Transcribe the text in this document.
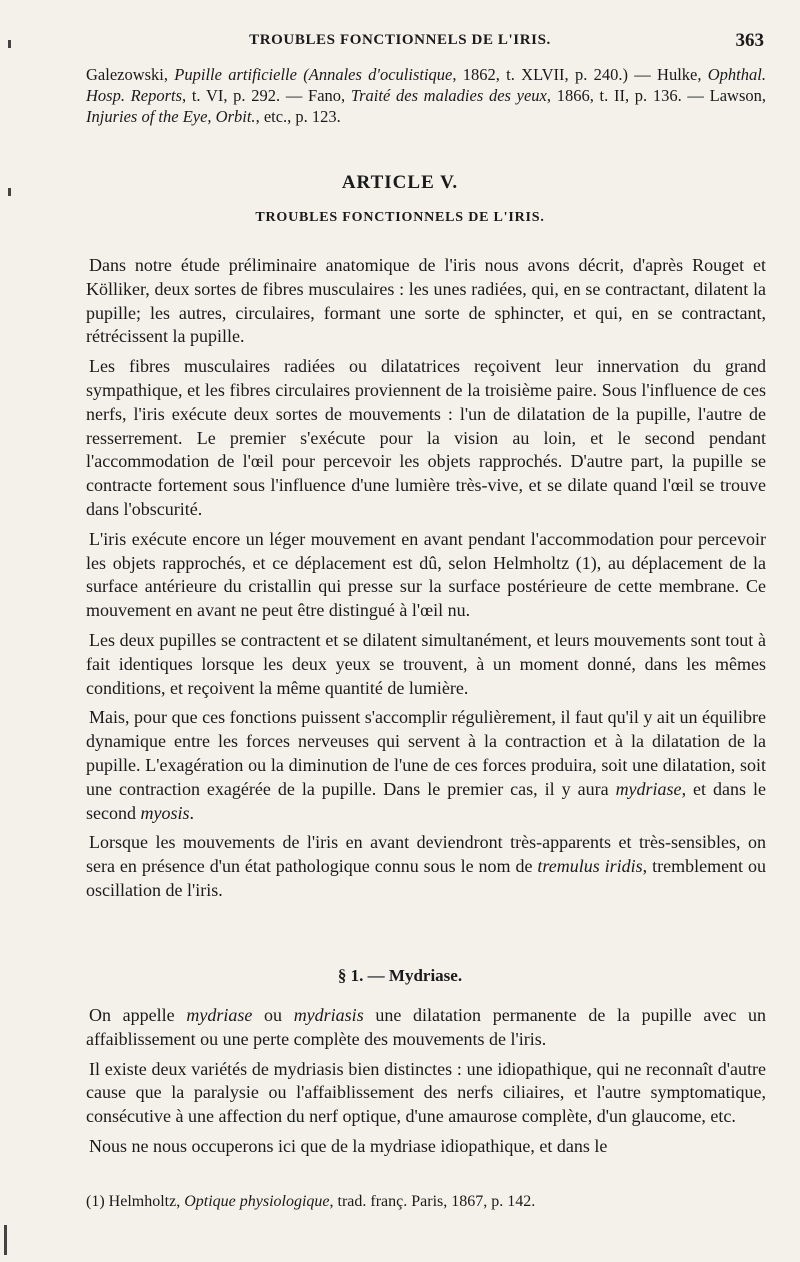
TROUBLES FONCTIONNELS DE L'IRIS.	363
Galezowski, Pupille artificielle (Annales d'oculistique, 1862, t. XLVII, p. 240.) — Hulke, Ophthal. Hosp. Reports, t. VI, p. 292. — Fano, Traité des maladies des yeux, 1866, t. II, p. 136. — Lawson, Injuries of the Eye, Orbit., etc., p. 123.
ARTICLE V.
TROUBLES FONCTIONNELS DE L'IRIS.

Dans notre étude préliminaire anatomique de l'iris nous avons décrit, d'après Rouget et Kölliker, deux sortes de fibres musculaires : les unes radiées, qui, en se contractant, dilatent la pupille; les autres, circulaires, formant une sorte de sphincter, et qui, en se contractant, rétrécissent la pupille.

Les fibres musculaires radiées ou dilatatrices reçoivent leur innervation du grand sympathique, et les fibres circulaires proviennent de la troisième paire. Sous l'influence de ces nerfs, l'iris exécute deux sortes de mouvements : l'un de dilatation de la pupille, l'autre de resserrement. Le premier s'exécute pour la vision au loin, et le second pendant l'accommodation de l'œil pour percevoir les objets rapprochés. D'autre part, la pupille se contracte fortement sous l'influence d'une lumière très-vive, et se dilate quand l'œil se trouve dans l'obscurité.

L'iris exécute encore un léger mouvement en avant pendant l'accommodation pour percevoir les objets rapprochés, et ce déplacement est dû, selon Helmholtz (1), au déplacement de la surface antérieure du cristallin qui presse sur la surface postérieure de cette membrane. Ce mouvement en avant ne peut être distingué à l'œil nu.

Les deux pupilles se contractent et se dilatent simultanément, et leurs mouvements sont tout à fait identiques lorsque les deux yeux se trouvent, à un moment donné, dans les mêmes conditions, et reçoivent la même quantité de lumière.

Mais, pour que ces fonctions puissent s'accomplir régulièrement, il faut qu'il y ait un équilibre dynamique entre les forces nerveuses qui servent à la contraction et à la dilatation de la pupille. L'exagération ou la diminution de l'une de ces forces produira, soit une dilatation, soit une contraction exagérée de la pupille. Dans le premier cas, il y aura mydriase, et dans le second myosis.

Lorsque les mouvements de l'iris en avant deviendront très-apparents et très-sensibles, on sera en présence d'un état pathologique connu sous le nom de tremulus iridis, tremblement ou oscillation de l'iris.

§ 1. — Mydriase.

On appelle mydriase ou mydriasis une dilatation permanente de la pupille avec un affaiblissement ou une perte complète des mouvements de l'iris.

Il existe deux variétés de mydriasis bien distinctes : une idiopathique, qui ne reconnaît d'autre cause que la paralysie ou l'affaiblissement des nerfs ciliaires, et l'autre symptomatique, consécutive à une affection du nerf optique, d'une amaurose complète, d'un glaucome, etc.

Nous ne nous occuperons ici que de la mydriase idiopathique, et dans le

(1) Helmholtz, Optique physiologique, trad. franç. Paris, 1867, p. 142.
